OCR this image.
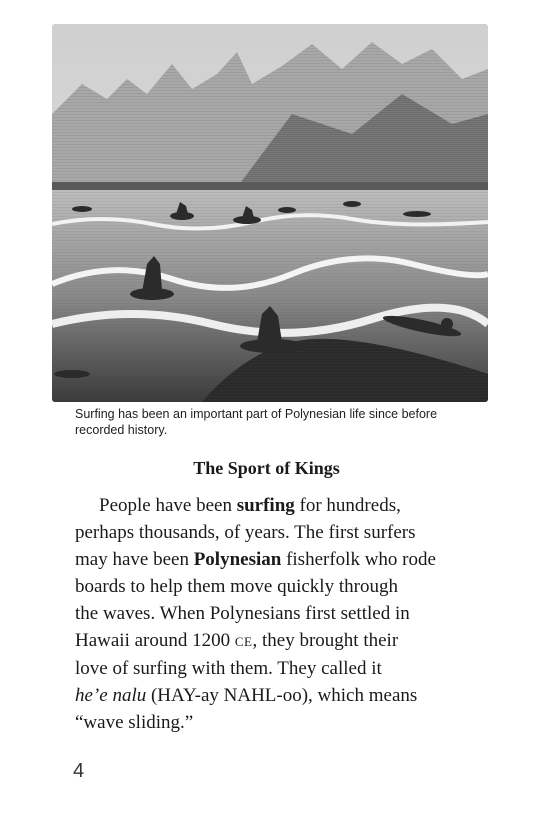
Surfing has been an important part of Polynesian life since before
recorded history.
The Sport of Kings
People have been surfing for hundreds,
perhaps thousands, of years. The first surfers
may have been Polynesian fisherfolk who rode
boards to help them move quickly through
the waves. When Polynesians first settled in
Hawaii around 1200 CE, they brought their
love of surfing with them. They called it
he’e nalu (HAY-ay NAHL-oo), which means
“wave sliding.”
4
